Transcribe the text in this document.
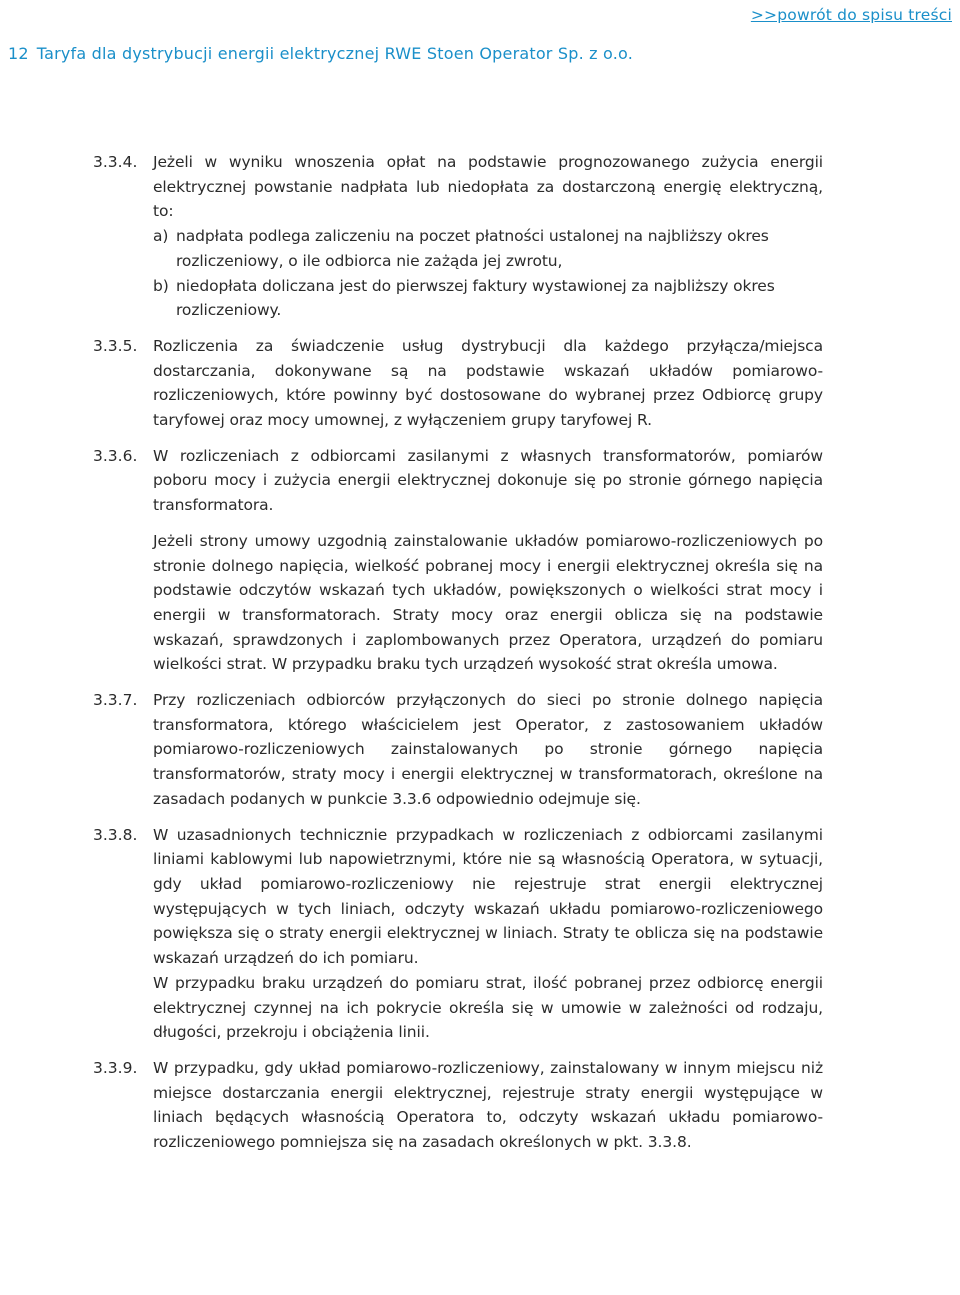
>>powrót do spisu treści
12 Taryfa dla dystrybucji energii elektrycznej RWE Stoen Operator Sp. z o.o.
3.3.4. Jeżeli w wyniku wnoszenia opłat na podstawie prognozowanego zużycia energii elektrycznej powstanie nadpłata lub niedopłata za dostarczoną energię elektryczną, to:

a) nadpłata podlega zaliczeniu na poczet płatności ustalonej na najbliższy okres rozliczeniowy, o ile odbiorca nie zażąda jej zwrotu,
b) niedopłata doliczana jest do pierwszej faktury wystawionej za najbliższy okres rozliczeniowy.
3.3.5. Rozliczenia za świadczenie usług dystrybucji dla każdego przyłącza/miejsca dostarczania, dokonywane są na podstawie wskazań układów pomiarowo-rozliczeniowych, które powinny być dostosowane do wybranej przez Odbiorcę grupy taryfowej oraz mocy umownej, z wyłączeniem grupy taryfowej R.

3.3.6. W rozliczeniach z odbiorcami zasilanymi z własnych transformatorów, pomiarów poboru mocy i zużycia energii elektrycznej dokonuje się po stronie górnego napięcia transformatora.

Jeżeli strony umowy uzgodnią zainstalowanie układów pomiarowo-rozliczeniowych po stronie dolnego napięcia, wielkość pobranej mocy i energii elektrycznej określa się na podstawie odczytów wskazań tych układów, powiększonych o wielkości strat mocy i energii w transformatorach. Straty mocy oraz energii oblicza się na podstawie wskazań, sprawdzonych i zaplombowanych przez Operatora, urządzeń do pomiaru wielkości strat. W przypadku braku tych urządzeń wysokość strat określa umowa.

3.3.7. Przy rozliczeniach odbiorców przyłączonych do sieci po stronie dolnego napięcia transformatora, którego właścicielem jest Operator, z zastosowaniem układów pomiarowo-rozliczeniowych zainstalowanych po stronie górnego napięcia transformatorów, straty mocy i energii elektrycznej w transformatorach, określone na zasadach podanych w punkcie 3.3.6 odpowiednio odejmuje się.

3.3.8. W uzasadnionych technicznie przypadkach w rozliczeniach z odbiorcami zasilanymi liniami kablowymi lub napowietrznymi, które nie są własnością Operatora, w sytuacji, gdy układ pomiarowo-rozliczeniowy nie rejestruje strat energii elektrycznej występujących w tych liniach, odczyty wskazań układu pomiarowo-rozliczeniowego powiększa się o straty energii elektrycznej w liniach. Straty te oblicza się na podstawie wskazań urządzeń do ich pomiaru.

W przypadku braku urządzeń do pomiaru strat, ilość pobranej przez odbiorcę energii elektrycznej czynnej na ich pokrycie określa się w umowie w zależności od rodzaju, długości, przekroju i obciążenia linii.

3.3.9. W przypadku, gdy układ pomiarowo-rozliczeniowy, zainstalowany w innym miejscu niż miejsce dostarczania energii elektrycznej, rejestruje straty energii występujące w liniach będących własnością Operatora to, odczyty wskazań układu pomiarowo-rozliczeniowego pomniejsza się na zasadach określonych w pkt. 3.3.8.
